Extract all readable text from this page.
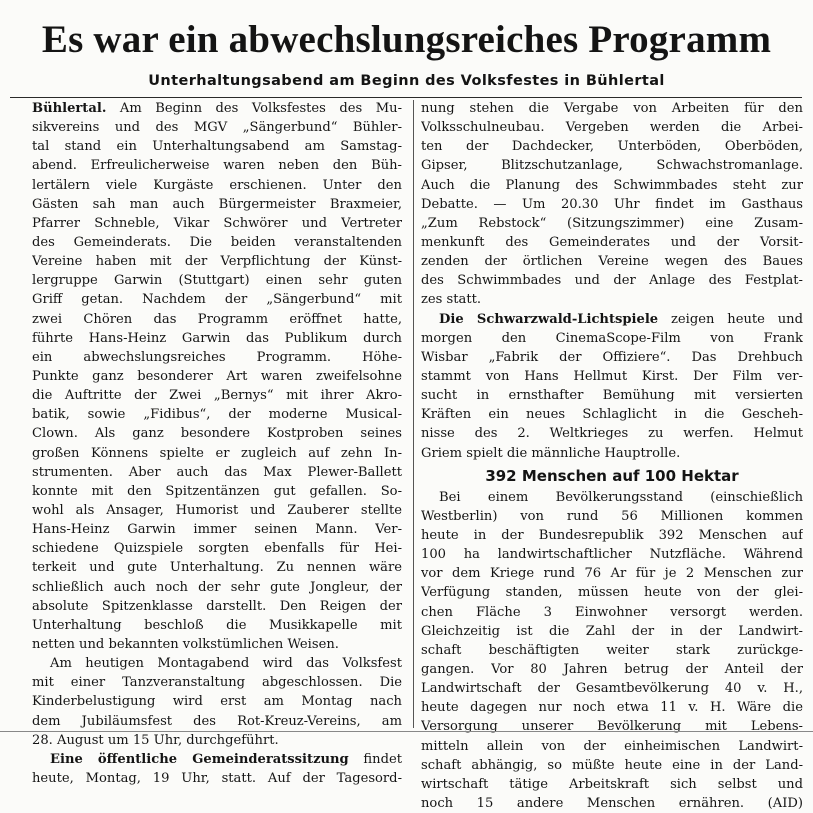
Es war ein abwechslungsreiches Programm
Unterhaltungsabend am Beginn des Volksfestes in Bühlertal
Bühlertal. Am Beginn des Volksfestes des Mu-
sikvereins und des MGV „Sängerbund“ Bühler-
tal stand ein Unterhaltungsabend am Samstag-
abend. Erfreulicherweise waren neben den Büh-
lertälern viele Kurgäste erschienen. Unter den
Gästen sah man auch Bürgermeister Braxmeier,
Pfarrer Schneble, Vikar Schwörer und Vertreter
des Gemeinderats. Die beiden veranstaltenden
Vereine haben mit der Verpflichtung der Künst-
lergruppe Garwin (Stuttgart) einen sehr guten
Griff getan. Nachdem der „Sängerbund“ mit
zwei Chören das Programm eröffnet hatte,
führte Hans-Heinz Garwin das Publikum durch
ein abwechslungsreiches Programm. Höhe-
Punkte ganz besonderer Art waren zweifelsohne
die Auftritte der Zwei „Bernys“ mit ihrer Akro-
batik, sowie „Fidibus“, der moderne Musical-
Clown. Als ganz besondere Kostproben seines
großen Könnens spielte er zugleich auf zehn In-
strumenten. Aber auch das Max Plewer-Ballett
konnte mit den Spitzentänzen gut gefallen. So-
wohl als Ansager, Humorist und Zauberer stellte
Hans-Heinz Garwin immer seinen Mann. Ver-
schiedene Quizspiele sorgten ebenfalls für Hei-
terkeit und gute Unterhaltung. Zu nennen wäre
schließlich auch noch der sehr gute Jongleur, der
absolute Spitzenklasse darstellt. Den Reigen der
Unterhaltung beschloß die Musikkapelle mit
netten und bekannten volkstümlichen Weisen.
Am heutigen Montagabend wird das Volksfest
mit einer Tanzveranstaltung abgeschlossen. Die
Kinderbelustigung wird erst am Montag nach
dem Jubiläumsfest des Rot-Kreuz-Vereins, am
28. August um 15 Uhr, durchgeführt.
Eine öffentliche Gemeinderatssitzung findet
heute, Montag, 19 Uhr, statt. Auf der Tagesord-
nung stehen die Vergabe von Arbeiten für den
Volksschulneubau. Vergeben werden die Arbei-
ten der Dachdecker, Unterböden, Oberböden,
Gipser, Blitzschutzanlage, Schwachstromanlage.
Auch die Planung des Schwimmbades steht zur
Debatte. — Um 20.30 Uhr findet im Gasthaus
„Zum Rebstock“ (Sitzungszimmer) eine Zusam-
menkunft des Gemeinderates und der Vorsit-
zenden der örtlichen Vereine wegen des Baues
des Schwimmbades und der Anlage des Festplat-
zes statt.
Die Schwarzwald-Lichtspiele zeigen heute und
morgen den CinemaScope-Film von Frank
Wisbar „Fabrik der Offiziere“. Das Drehbuch
stammt von Hans Hellmut Kirst. Der Film ver-
sucht in ernsthafter Bemühung mit versierten
Kräften ein neues Schlaglicht in die Gescheh-
nisse des 2. Weltkrieges zu werfen. Helmut
Griem spielt die männliche Hauptrolle.
392 Menschen auf 100 Hektar
Bei einem Bevölkerungsstand (einschießlich
Westberlin) von rund 56 Millionen kommen
heute in der Bundesrepublik 392 Menschen auf
100 ha landwirtschaftlicher Nutzfläche. Während
vor dem Kriege rund 76 Ar für je 2 Menschen zur
Verfügung standen, müssen heute von der glei-
chen Fläche 3 Einwohner versorgt werden.
Gleichzeitig ist die Zahl der in der Landwirt-
schaft beschäftigten weiter stark zurückge-
gangen. Vor 80 Jahren betrug der Anteil der
Landwirtschaft der Gesamtbevölkerung 40 v. H.,
heute dagegen nur noch etwa 11 v. H. Wäre die
Versorgung unserer Bevölkerung mit Lebens-
mitteln allein von der einheimischen Landwirt-
schaft abhängig, so müßte heute eine in der Land-
wirtschaft tätige Arbeitskraft sich selbst und
noch 15 andere Menschen ernähren. (AID)
